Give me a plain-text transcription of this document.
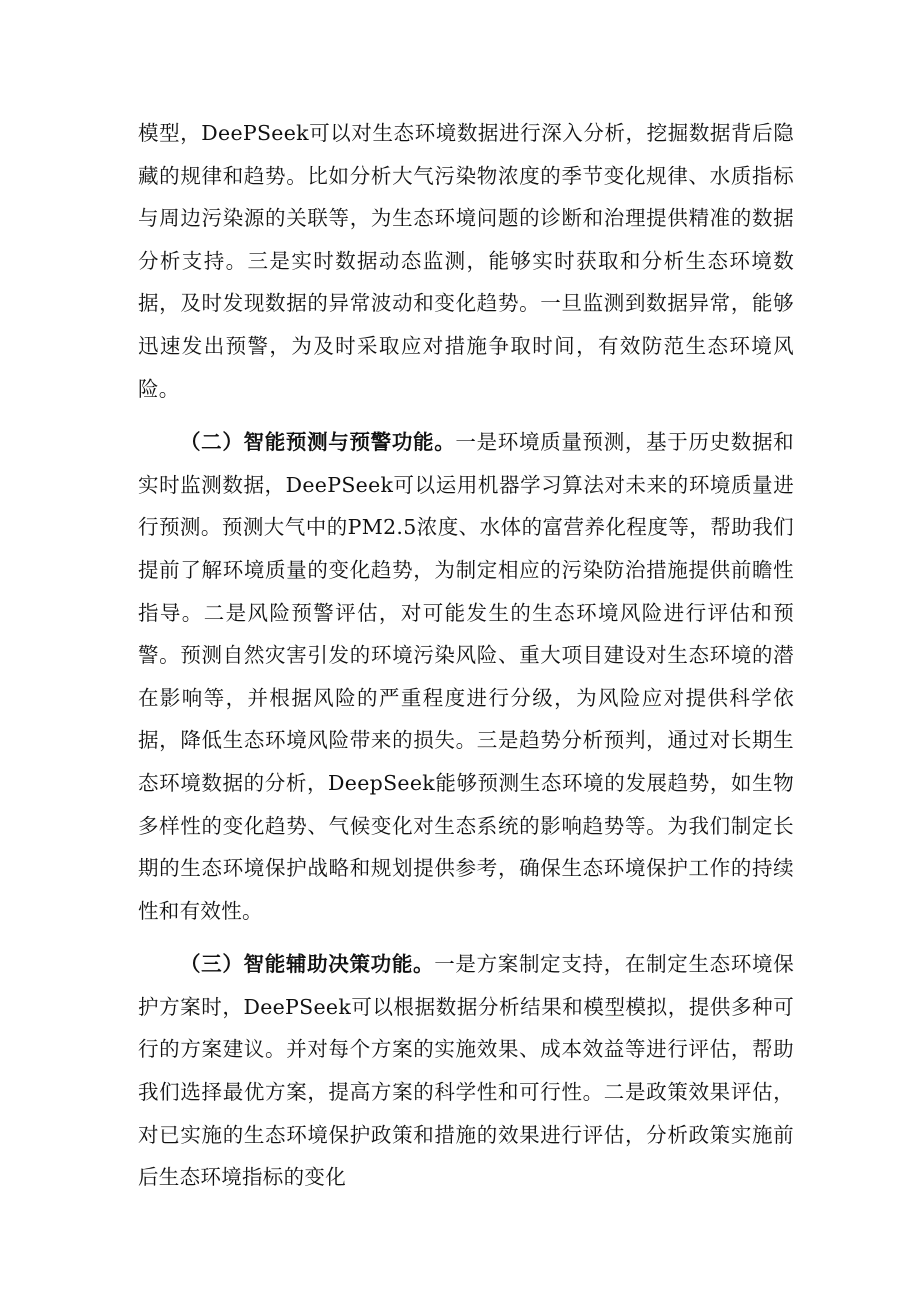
模型，DeePSeek可以对生态环境数据进行深入分析，挖掘数据背后隐藏的规律和趋势。比如分析大气污染物浓度的季节变化规律、水质指标与周边污染源的关联等，为生态环境问题的诊断和治理提供精准的数据分析支持。三是实时数据动态监测，能够实时获取和分析生态环境数据，及时发现数据的异常波动和变化趋势。一旦监测到数据异常，能够迅速发出预警，为及时采取应对措施争取时间，有效防范生态环境风险。

（二）智能预测与预警功能。一是环境质量预测，基于历史数据和实时监测数据，DeePSeek可以运用机器学习算法对未来的环境质量进行预测。预测大气中的PM2.5浓度、水体的富营养化程度等，帮助我们提前了解环境质量的变化趋势，为制定相应的污染防治措施提供前瞻性指导。二是风险预警评估，对可能发生的生态环境风险进行评估和预警。预测自然灾害引发的环境污染风险、重大项目建设对生态环境的潜在影响等，并根据风险的严重程度进行分级，为风险应对提供科学依据，降低生态环境风险带来的损失。三是趋势分析预判，通过对长期生态环境数据的分析，DeepSeek能够预测生态环境的发展趋势，如生物多样性的变化趋势、气候变化对生态系统的影响趋势等。为我们制定长期的生态环境保护战略和规划提供参考，确保生态环境保护工作的持续性和有效性。

（三）智能辅助决策功能。一是方案制定支持，在制定生态环境保护方案时，DeePSeek可以根据数据分析结果和模型模拟，提供多种可行的方案建议。并对每个方案的实施效果、成本效益等进行评估，帮助我们选择最优方案，提高方案的科学性和可行性。二是政策效果评估，对已实施的生态环境保护政策和措施的效果进行评估，分析政策实施前后生态环境指标的变化
